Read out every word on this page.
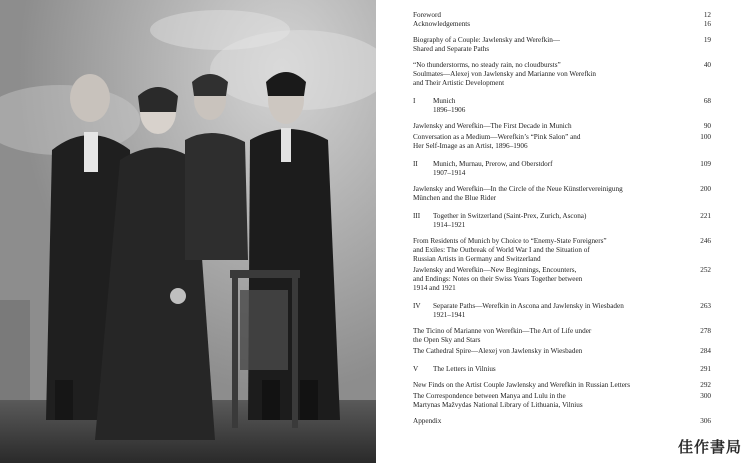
Foreword	12
Acknowledgements	16
Biography of a Couple: Jawlensky and Werefkin—
Shared and Separate Paths
19
“No thunderstorms, no steady rain, no cloudbursts”
Soulmates—Alexej von Jawlensky and Marianne von Werefkin
and Their Artistic Development
40
I	Munich
1896–1906
68
Jawlensky and Werefkin—The First Decade in Munich	90
Conversation as a Medium—Werefkin’s “Pink Salon” and
Her Self-Image as an Artist, 1896–1906
100
II	Munich, Murnau, Prerow, and Oberstdorf
1907–1914
109
Jawlensky and Werefkin—In the Circle of the Neue Künstlervereinigung
München and the Blue Rider
200
III	Together in Switzerland (Saint-Prex, Zurich, Ascona)
1914–1921
221
From Residents of Munich by Choice to “Enemy-State Foreigners”
and Exiles: The Outbreak of World War I and the Situation of
Russian Artists in Germany and Switzerland
246
Jawlensky and Werefkin—New Beginnings, Encounters,
and Endings: Notes on their Swiss Years Together between
1914 and 1921
252
IV	Separate Paths—Werefkin in Ascona and Jawlensky in Wiesbaden
1921–1941
263
The Ticino of Marianne von Werefkin—The Art of Life under
the Open Sky and Stars
278
The Cathedral Spire—Alexej von Jawlensky in Wiesbaden	284
V	The Letters in Vilnius	291
New Finds on the Artist Couple Jawlensky and Werefkin in Russian Letters	292
The Correspondence between Manya and Lulu in the
Martynas Mažvydas National Library of Lithuania, Vilnius
300
Appendix	306
佳作書局
